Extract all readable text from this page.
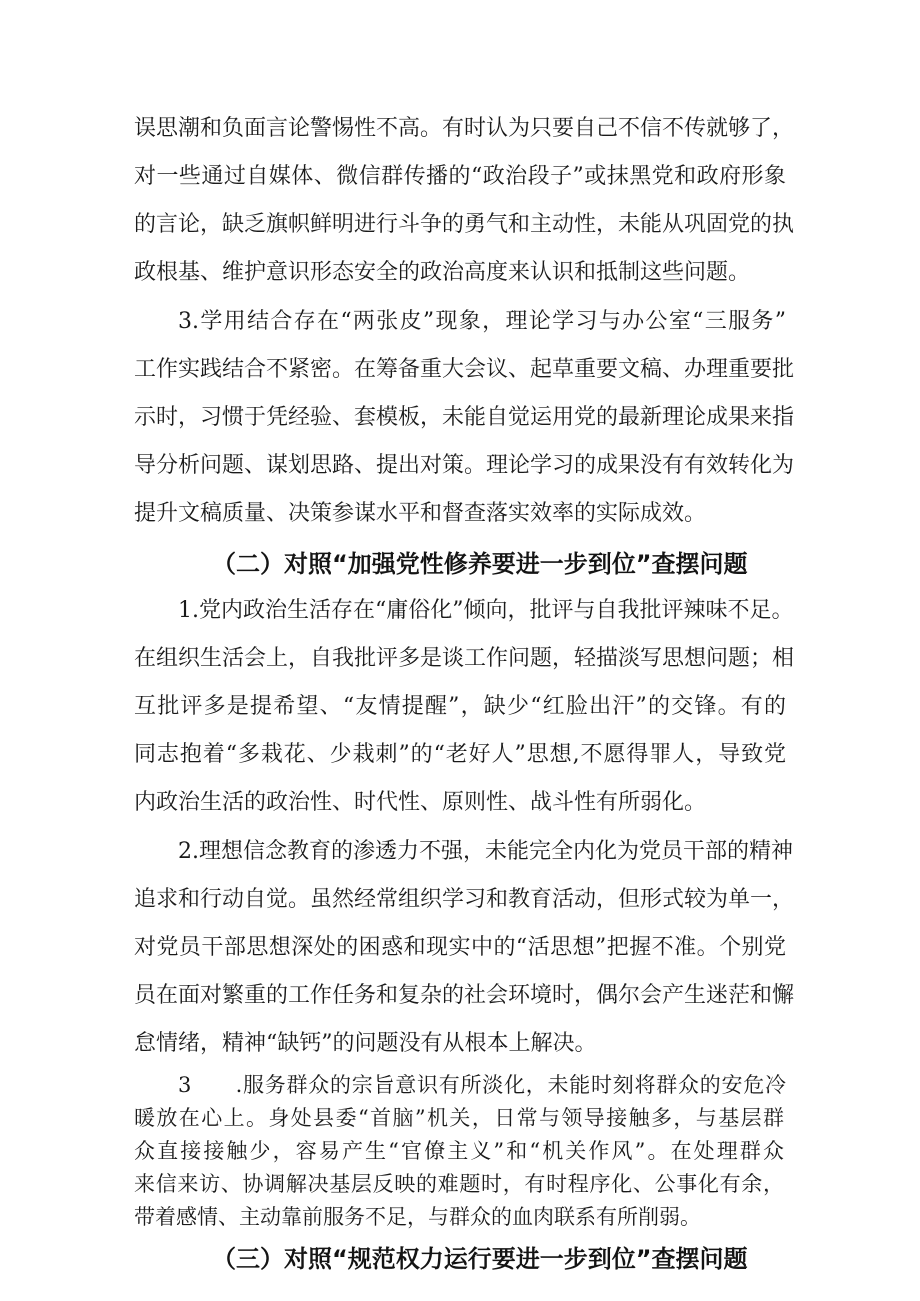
误思潮和负面言论警惕性不高。有时认为只要自己不信不传就够了，
对一些通过自媒体、微信群传播的“政治段子”或抹黑党和政府形象
的言论，缺乏旗帜鲜明进行斗争的勇气和主动性，未能从巩固党的执
政根基、维护意识形态安全的政治高度来认识和抵制这些问题。
3.学用结合存在“两张皮”现象，理论学习与办公室“三服务”
工作实践结合不紧密。在筹备重大会议、起草重要文稿、办理重要批
示时，习惯于凭经验、套模板，未能自觉运用党的最新理论成果来指
导分析问题、谋划思路、提出对策。理论学习的成果没有有效转化为
提升文稿质量、决策参谋水平和督查落实效率的实际成效。
（二）对照“加强党性修养要进一步到位”查摆问题
1.党内政治生活存在“庸俗化”倾向，批评与自我批评辣味不足。
在组织生活会上，自我批评多是谈工作问题，轻描淡写思想问题；相
互批评多是提希望、“友情提醒”，缺少“红脸出汗”的交锋。有的
同志抱着“多栽花、少栽刺”的“老好人”思想,不愿得罪人，导致党
内政治生活的政治性、时代性、原则性、战斗性有所弱化。
2.理想信念教育的渗透力不强，未能完全内化为党员干部的精神
追求和行动自觉。虽然经常组织学习和教育活动，但形式较为单一，
对党员干部思想深处的困惑和现实中的“活思想”把握不准。个别党
员在面对繁重的工作任务和复杂的社会环境时，偶尔会产生迷茫和懈
怠情绪，精神“缺钙”的问题没有从根本上解决。
3　　.服务群众的宗旨意识有所淡化，未能时刻将群众的安危冷
暖放在心上。身处县委“首脑”机关，日常与领导接触多，与基层群
众直接接触少，容易产生“官僚主义”和“机关作风”。在处理群众
来信来访、协调解决基层反映的难题时，有时程序化、公事化有余，
带着感情、主动靠前服务不足，与群众的血肉联系有所削弱。
（三）对照“规范权力运行要进一步到位”查摆问题
